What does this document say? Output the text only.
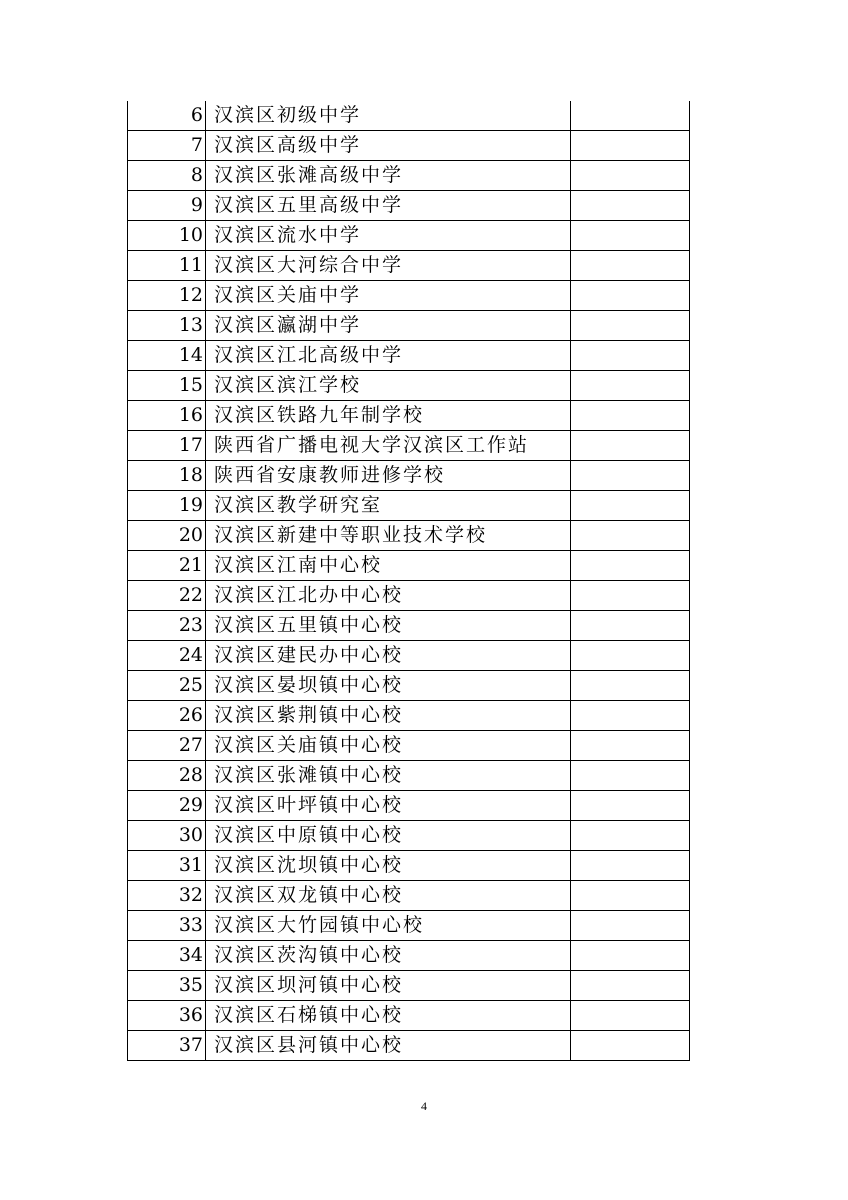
6	汉滨区初级中学	
7	汉滨区高级中学	
8	汉滨区张滩高级中学	
9	汉滨区五里高级中学	
10	汉滨区流水中学	
11	汉滨区大河综合中学	
12	汉滨区关庙中学	
13	汉滨区瀛湖中学	
14	汉滨区江北高级中学	
15	汉滨区滨江学校	
16	汉滨区铁路九年制学校	
17	陕西省广播电视大学汉滨区工作站	
18	陕西省安康教师进修学校	
19	汉滨区教学研究室	
20	汉滨区新建中等职业技术学校	
21	汉滨区江南中心校	
22	汉滨区江北办中心校	
23	汉滨区五里镇中心校	
24	汉滨区建民办中心校	
25	汉滨区晏坝镇中心校	
26	汉滨区紫荆镇中心校	
27	汉滨区关庙镇中心校	
28	汉滨区张滩镇中心校	
29	汉滨区叶坪镇中心校	
30	汉滨区中原镇中心校	
31	汉滨区沈坝镇中心校	
32	汉滨区双龙镇中心校	
33	汉滨区大竹园镇中心校	
34	汉滨区茨沟镇中心校	
35	汉滨区坝河镇中心校	
36	汉滨区石梯镇中心校	
37	汉滨区县河镇中心校	
4
